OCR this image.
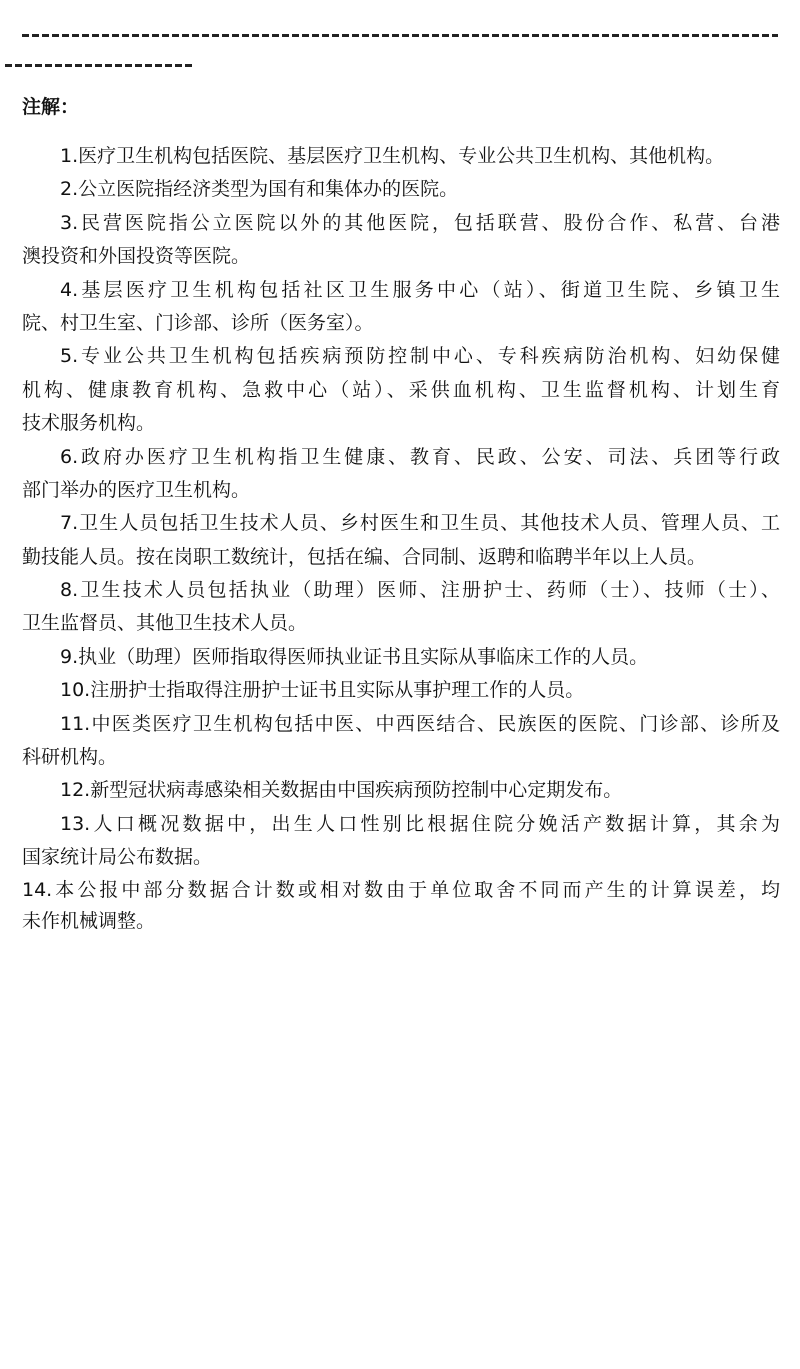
注解：
1.医疗卫生机构包括医院、基层医疗卫生机构、专业公共卫生机构、其他机构。
2.公立医院指经济类型为国有和集体办的医院。
3.民营医院指公立医院以外的其他医院，包括联营、股份合作、私营、台港
澳投资和外国投资等医院。
4.基层医疗卫生机构包括社区卫生服务中心（站）、街道卫生院、乡镇卫生
院、村卫生室、门诊部、诊所（医务室）。
5.专业公共卫生机构包括疾病预防控制中心、专科疾病防治机构、妇幼保健
机构、健康教育机构、急救中心（站）、采供血机构、卫生监督机构、计划生育
技术服务机构。
6.政府办医疗卫生机构指卫生健康、教育、民政、公安、司法、兵团等行政
部门举办的医疗卫生机构。
7.卫生人员包括卫生技术人员、乡村医生和卫生员、其他技术人员、管理人员、工
勤技能人员。按在岗职工数统计，包括在编、合同制、返聘和临聘半年以上人员。
8.卫生技术人员包括执业（助理）医师、注册护士、药师（士）、技师（士）、
卫生监督员、其他卫生技术人员。
9.执业（助理）医师指取得医师执业证书且实际从事临床工作的人员。
10.注册护士指取得注册护士证书且实际从事护理工作的人员。
11.中医类医疗卫生机构包括中医、中西医结合、民族医的医院、门诊部、诊所及
科研机构。
12.新型冠状病毒感染相关数据由中国疾病预防控制中心定期发布。
13.人口概况数据中，出生人口性别比根据住院分娩活产数据计算，其余为
国家统计局公布数据。
14.本公报中部分数据合计数或相对数由于单位取舍不同而产生的计算误差，均
未作机械调整。
